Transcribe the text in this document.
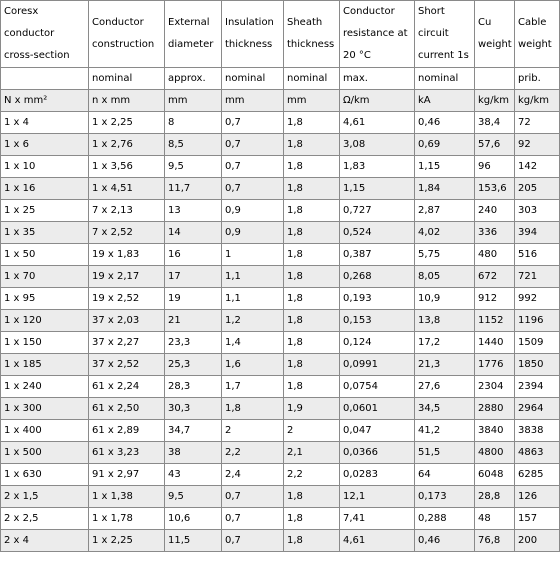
Coresx conductor cross-section	Conductor construction	External diameter	Insulation thickness	Sheath thickness	Conductor resistance at 20 °C	Short circuit current 1s	Cu weight	Cable weight
	nominal	approx.	nominal	nominal	max.	nominal		prib.
N x mm²	n x mm	mm	mm	mm	Ω/km	kA	kg/km	kg/km
1 x 4	1 x 2,25	8	0,7	1,8	4,61	0,46	38,4	72
1 x 6	1 x 2,76	8,5	0,7	1,8	3,08	0,69	57,6	92
1 x 10	1 x 3,56	9,5	0,7	1,8	1,83	1,15	96	142
1 x 16	1 x 4,51	11,7	0,7	1,8	1,15	1,84	153,6	205
1 x 25	7 x 2,13	13	0,9	1,8	0,727	2,87	240	303
1 x 35	7 x 2,52	14	0,9	1,8	0,524	4,02	336	394
1 x 50	19 x 1,83	16	1	1,8	0,387	5,75	480	516
1 x 70	19 x 2,17	17	1,1	1,8	0,268	8,05	672	721
1 x 95	19 x 2,52	19	1,1	1,8	0,193	10,9	912	992
1 x 120	37 x 2,03	21	1,2	1,8	0,153	13,8	1152	1196
1 x 150	37 x 2,27	23,3	1,4	1,8	0,124	17,2	1440	1509
1 x 185	37 x 2,52	25,3	1,6	1,8	0,0991	21,3	1776	1850
1 x 240	61 x 2,24	28,3	1,7	1,8	0,0754	27,6	2304	2394
1 x 300	61 x 2,50	30,3	1,8	1,9	0,0601	34,5	2880	2964
1 x 400	61 x 2,89	34,7	2	2	0,047	41,2	3840	3838
1 x 500	61 x 3,23	38	2,2	2,1	0,0366	51,5	4800	4863
1 x 630	91 x 2,97	43	2,4	2,2	0,0283	64	6048	6285
2 x 1,5	1 x 1,38	9,5	0,7	1,8	12,1	0,173	28,8	126
2 x 2,5	1 x 1,78	10,6	0,7	1,8	7,41	0,288	48	157
2 x 4	1 x 2,25	11,5	0,7	1,8	4,61	0,46	76,8	200
